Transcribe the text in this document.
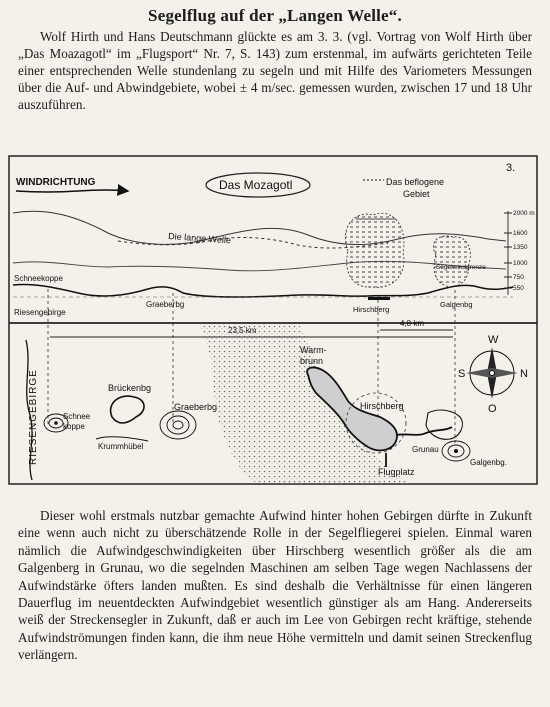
Segelflug auf der „Langen Welle“.
Wolf Hirth und Hans Deutschmann glückte es am 3. 3. (vgl. Vortrag von Wolf Hirth über „Das Moazagotl“ im „Flugsport“ Nr. 7, S. 143) zum erstenmal, im aufwärts gerichteten Teile einer entsprechenden Welle stundenlang zu segeln und mit Hilfe des Variometers Messungen über die Auf- und Abwindgebiete, wobei ± 4 m/sec. gemessen wurden, zwischen 17 und 18 Uhr auszuführen.
3.
WINDRICHTUNG	Das Mozagotl	Das beflogene
Gebiet
Die lange Welle
Schneekoppe
Riesengebirge
Graeberbg
Hirschberg
Galgenbg
Segelwindgrenze
2000 m
1600
1350
1000
750
550
4,8 km
RIESENGEBIRGE	Schnee
koppe
Brückenbg
Krummhübel
Graeberbg
Warm-
brunn
Hirschberg
Flugplatz
Grunau
Galgenbg.
W
O
S	N
Dieser wohl erstmals nutzbar gemachte Aufwind hinter hohen Gebirgen dürfte in Zukunft eine wenn auch nicht zu überschätzende Rolle in der Segelfliegerei spielen. Einmal waren nämlich die Aufwindgeschwindigkeiten über Hirschberg wesentlich größer als die am Galgenberg in Grunau, wo die segelnden Maschinen am selben Tage wegen Nachlassens der Aufwindstärke öfters landen mußten. Es sind deshalb die Verhältnisse für einen längeren Dauerflug im neuentdeckten Aufwindgebiet wesentlich günstiger als am Hang. Andererseits weiß der Streckensegler in Zukunft, daß er auch im Lee von Gebirgen recht kräftige, stehende Aufwindströmungen finden kann, die ihm neue Höhe vermitteln und damit seinen Streckenflug verlängern.
